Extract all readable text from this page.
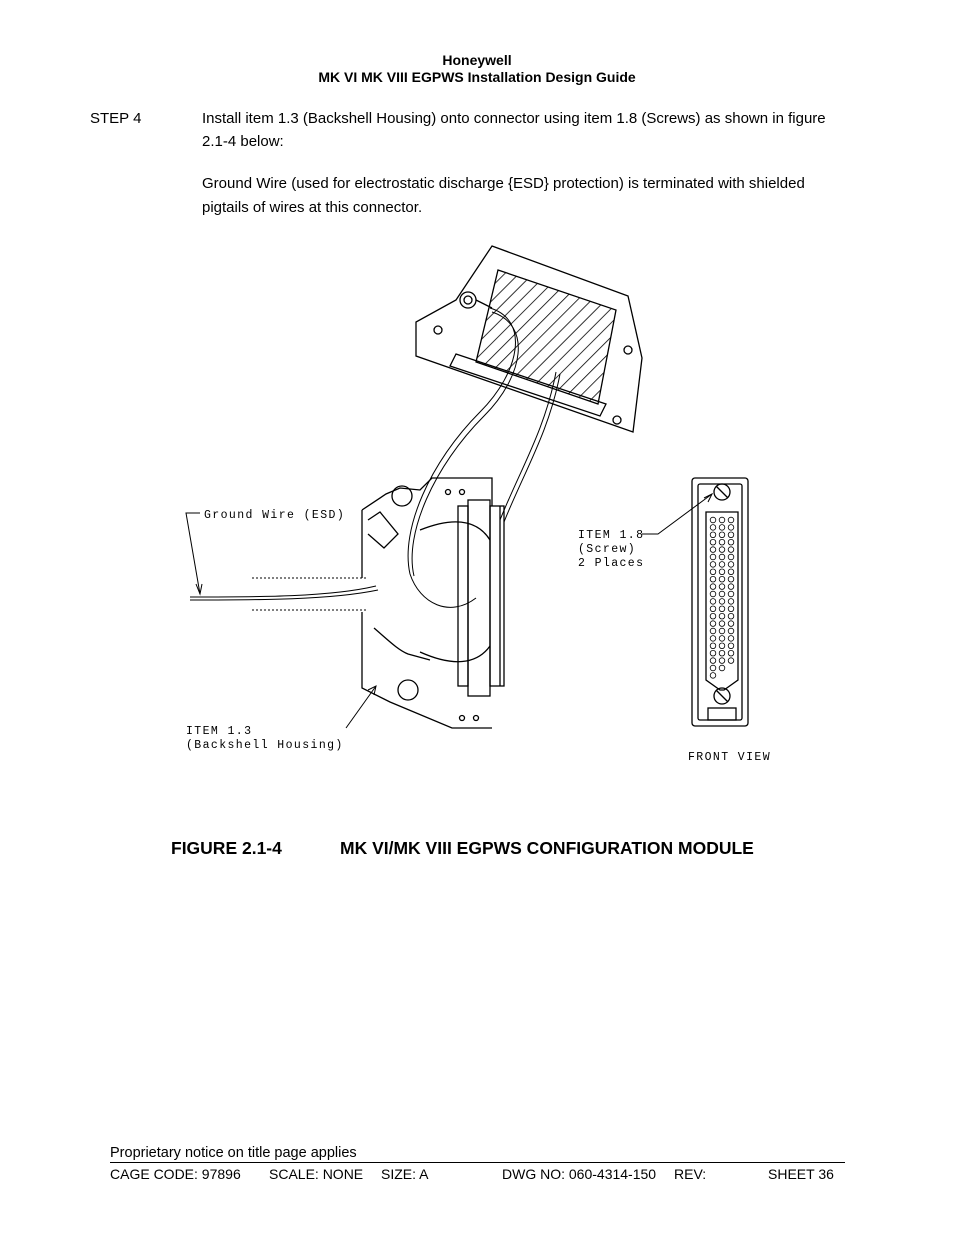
Honeywell
MK VI MK VIII EGPWS Installation Design Guide
STEP 4	Install item 1.3 (Backshell Housing) onto connector using item 1.8 (Screws) as shown in figure
2.1-4 below:
Ground Wire (used for electrostatic discharge {ESD} protection) is terminated with shielded
pigtails of wires at this connector.
Ground Wire (ESD)
ITEM 1.8
(Screw)
2 Places
ITEM 1.3
(Backshell Housing)
FRONT VIEW
FIGURE 2.1-4	MK VI/MK VIII EGPWS CONFIGURATION MODULE
Proprietary notice on title page applies
CAGE CODE: 97896 SCALE: NONE SIZE: A	DWG NO: 060-4314-150 REV:	SHEET 36
